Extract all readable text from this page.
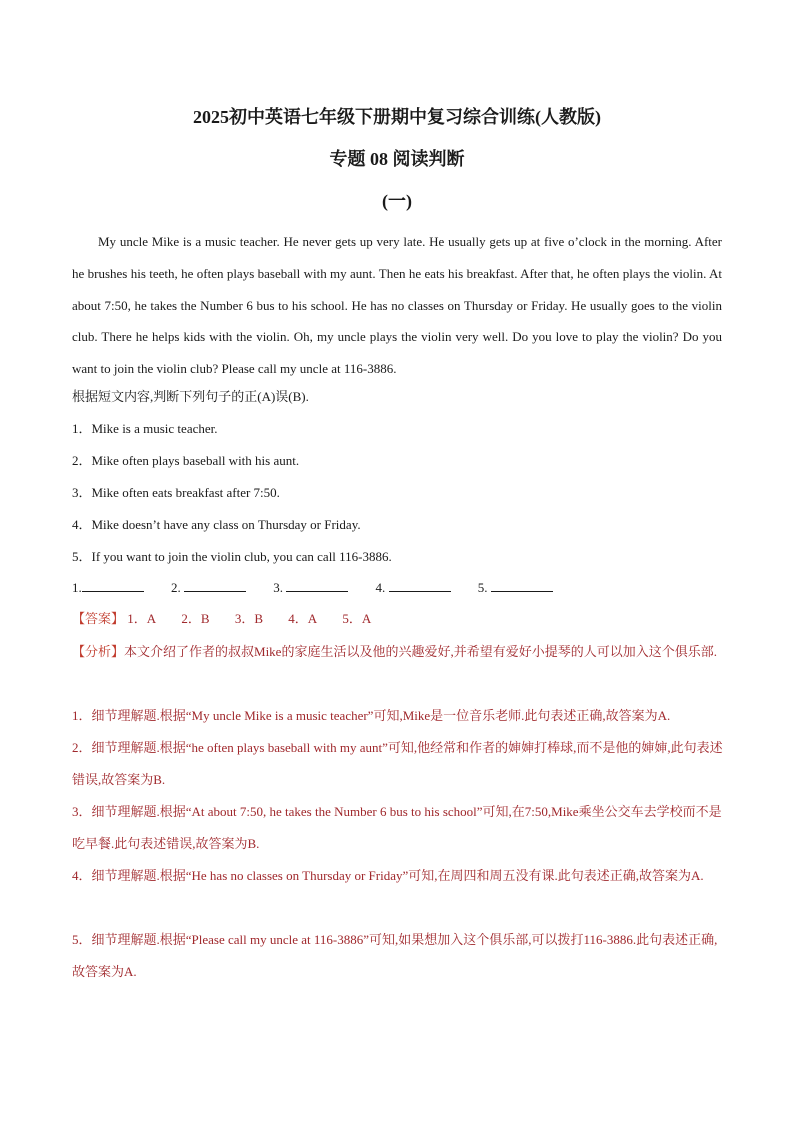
2025初中英语七年级下册期中复习综合训练(人教版)
专题 08 阅读判断
(一)

My uncle Mike is a music teacher. He never gets up very late. He usually gets up at five o’clock in the morning. After he brushes his teeth, he often plays baseball with my aunt. Then he eats his breakfast. After that, he often plays the violin. At about 7:50, he takes the Number 6 bus to his school. He has no classes on Thursday or Friday. He usually goes to the violin club. There he helps kids with the violin. Oh, my uncle plays the violin very well. Do you love to play the violin? Do you want to join the violin club? Please call my uncle at 116-3886.

根据短文内容,判断下列句子的正(A)误(B).
1．Mike is a music teacher.
2．Mike often plays baseball with his aunt.
3．Mike often eats breakfast after 7:50.
4．Mike doesn’t have any class on Thursday or Friday.
5．If you want to join the violin club, you can call 116-3886.
1.	2.	3.	4.	5.
【答案】 1．A 2．B 3．B 4．A 5．A
【分析】本文介绍了作者的叔叔Mike的家庭生活以及他的兴趣爱好,并希望有爱好小提琴的人可以加入这个俱乐部.
1．细节理解题.根据“My uncle Mike is a music teacher”可知,Mike是一位音乐老师.此句表述正确,故答案为A.
2．细节理解题.根据“he often plays baseball with my aunt”可知,他经常和作者的婶婶打棒球,而不是他的婶婶,此句表述错误,故答案为B.
3．细节理解题.根据“At about 7:50, he takes the Number 6 bus to his school”可知,在7:50,Mike乘坐公交车去学校而不是吃早餐.此句表述错误,故答案为B.
4．细节理解题.根据“He has no classes on Thursday or Friday”可知,在周四和周五没有课.此句表述正确,故答案为A.
5．细节理解题.根据“Please call my uncle at 116-3886”可知,如果想加入这个俱乐部,可以拨打116-3886.此句表述正确,故答案为A.
